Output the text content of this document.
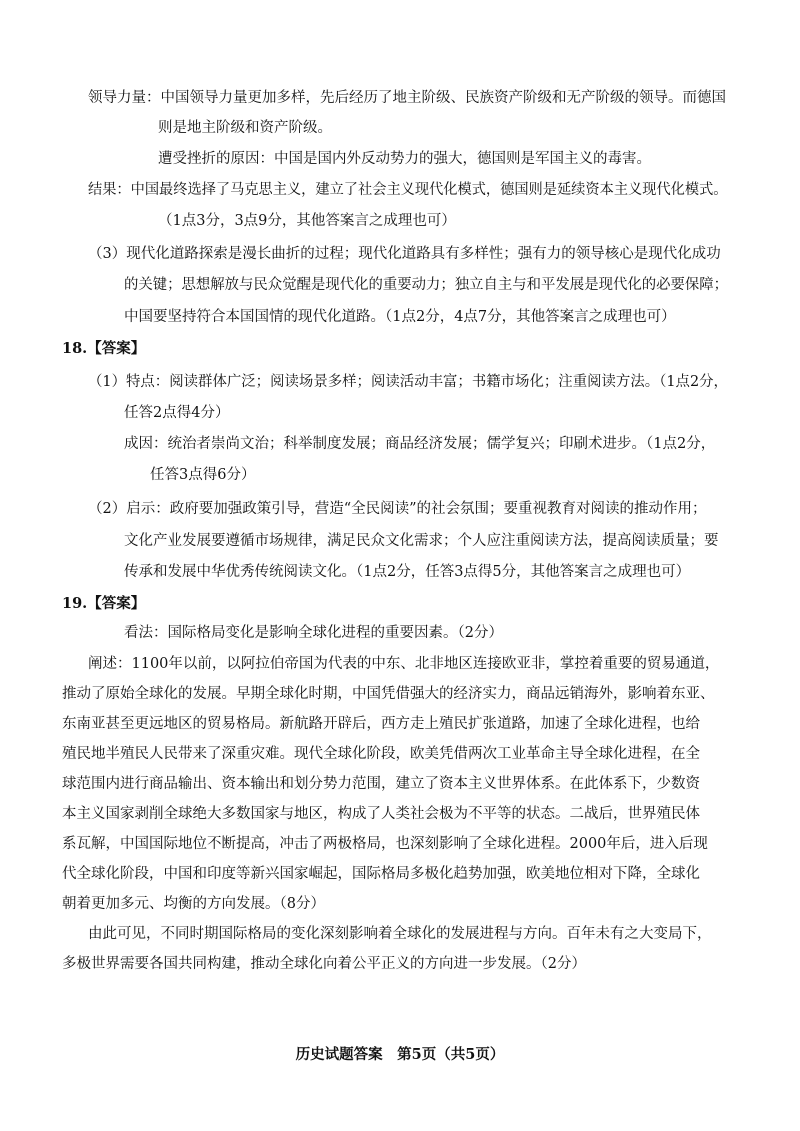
领导力量：中国领导力量更加多样，先后经历了地主阶级、民族资产阶级和无产阶级的领导。而德国
则是地主阶级和资产阶级。
遭受挫折的原因：中国是国内外反动势力的强大，德国则是军国主义的毒害。
结果：中国最终选择了马克思主义，建立了社会主义现代化模式，德国则是延续资本主义现代化模式。
（1点3分，3点9分，其他答案言之成理也可）
（3）现代化道路探索是漫长曲折的过程；现代化道路具有多样性；强有力的领导核心是现代化成功
的关键；思想解放与民众觉醒是现代化的重要动力；独立自主与和平发展是现代化的必要保障；
中国要坚持符合本国国情的现代化道路。（1点2分，4点7分，其他答案言之成理也可）
18.【答案】
（1）特点：阅读群体广泛；阅读场景多样；阅读活动丰富；书籍市场化；注重阅读方法。（1点2分，
任答2点得4分）
成因：统治者崇尚文治；科举制度发展；商品经济发展；儒学复兴；印刷术进步。（1点2分，
任答3点得6分）
（2）启示：政府要加强政策引导，营造“全民阅读”的社会氛围；要重视教育对阅读的推动作用；
文化产业发展要遵循市场规律，满足民众文化需求；个人应注重阅读方法，提高阅读质量；要
传承和发展中华优秀传统阅读文化。（1点2分，任答3点得5分，其他答案言之成理也可）
19.【答案】
看法：国际格局变化是影响全球化进程的重要因素。（2分）
阐述：1100年以前，以阿拉伯帝国为代表的中东、北非地区连接欧亚非，掌控着重要的贸易通道，
推动了原始全球化的发展。早期全球化时期，中国凭借强大的经济实力，商品远销海外，影响着东亚、
东南亚甚至更远地区的贸易格局。新航路开辟后，西方走上殖民扩张道路，加速了全球化进程，也给
殖民地半殖民人民带来了深重灾难。现代全球化阶段，欧美凭借两次工业革命主导全球化进程，在全
球范围内进行商品输出、资本输出和划分势力范围，建立了资本主义世界体系。在此体系下，少数资
本主义国家剥削全球绝大多数国家与地区，构成了人类社会极为不平等的状态。二战后，世界殖民体
系瓦解，中国国际地位不断提高，冲击了两极格局，也深刻影响了全球化进程。2000年后，进入后现
代全球化阶段，中国和印度等新兴国家崛起，国际格局多极化趋势加强，欧美地位相对下降，全球化
朝着更加多元、均衡的方向发展。（8分）
由此可见，不同时期国际格局的变化深刻影响着全球化的发展进程与方向。百年未有之大变局下，
多极世界需要各国共同构建，推动全球化向着公平正义的方向进一步发展。（2分）
历史试题答案　第5页（共5页）
